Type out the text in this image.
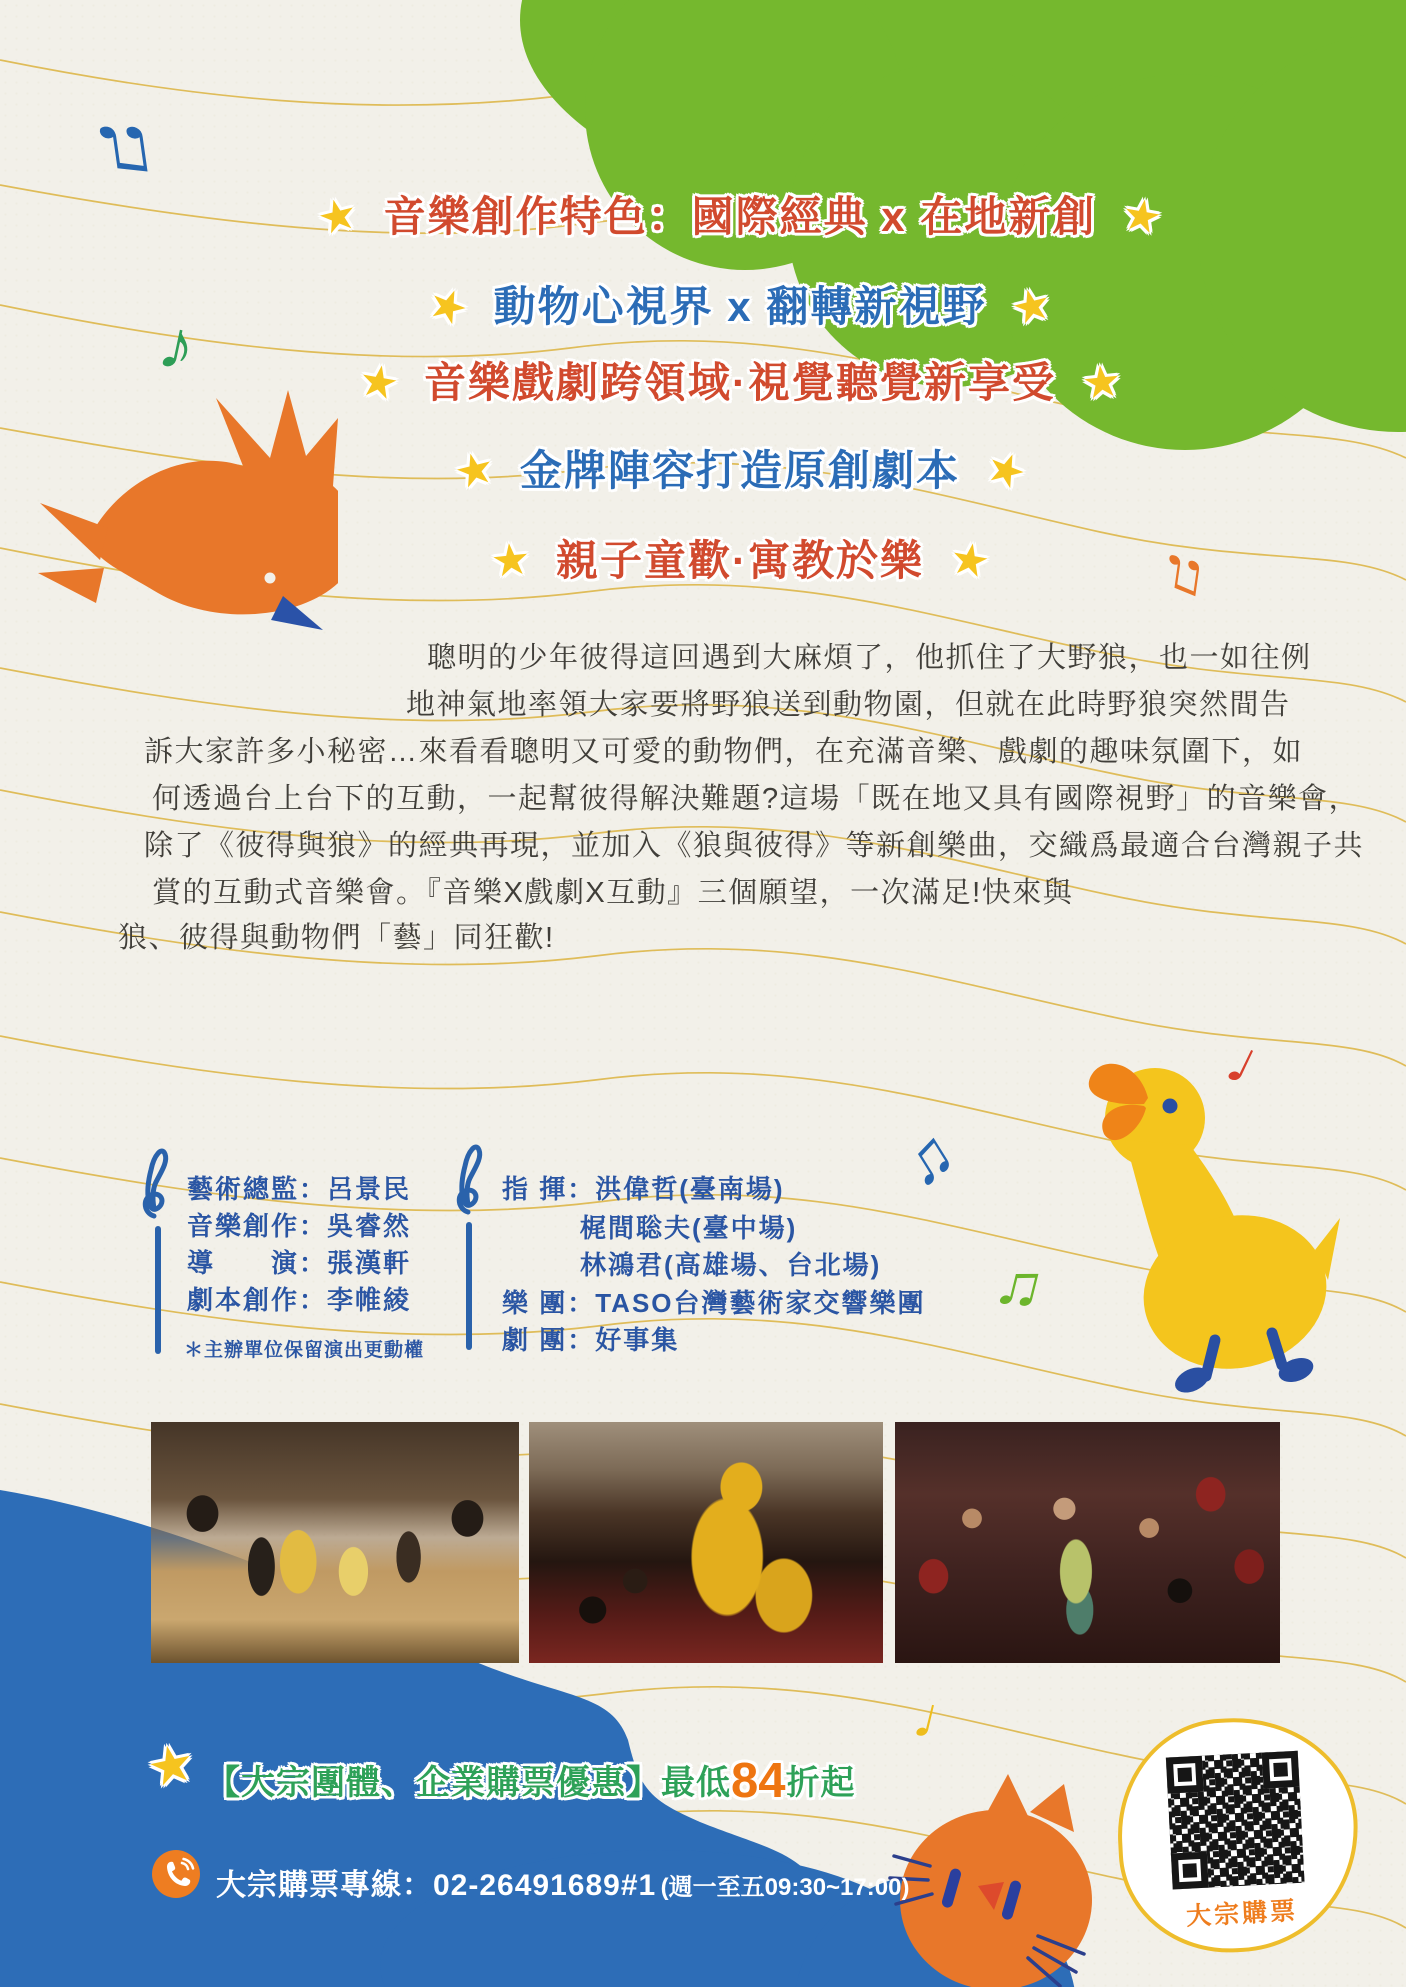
♫
♪
♫
♩
♫
♫
♩
★ 音樂創作特色：國際經典 x 在地新創 ★
★ 動物心視界 x 翻轉新視野 ★
★ 音樂戲劇跨領域·視覺聽覺新享受 ★
★ 金牌陣容打造原創劇本 ★
★ 親子童歡·寓教於樂 ★
聰明的少年彼得這回遇到大麻煩了，他抓住了大野狼，也一如往例
地神氣地率領大家要將野狼送到動物園，但就在此時野狼突然間告
訴大家許多小秘密…來看看聰明又可愛的動物們，在充滿音樂、戲劇的趣味氛圍下，如
何透過台上台下的互動，一起幫彼得解決難題?這場「既在地又具有國際視野」的音樂會，
除了《彼得與狼》的經典再現，並加入《狼與彼得》等新創樂曲，交織爲最適合台灣親子共
賞的互動式音樂會。『音樂X戲劇X互動』三個願望，一次滿足!快來與
狼、彼得與動物們「藝」同狂歡!
藝術總監：呂景民
音樂創作：吳睿然
導　　演：張漢軒
劇本創作：李帷綾
＊主辦單位保留演出更動權
指 揮：洪偉哲(臺南場)
梶間聡夫(臺中場)
林鴻君(高雄場、台北場)
樂 團：TASO台灣藝術家交響樂團
劇 團：好事集
★ 【大宗團體、企業購票優惠】最低84折起
大宗購票專線：02-26491689#1 (週一至五09:30~17:00)
大宗購票
